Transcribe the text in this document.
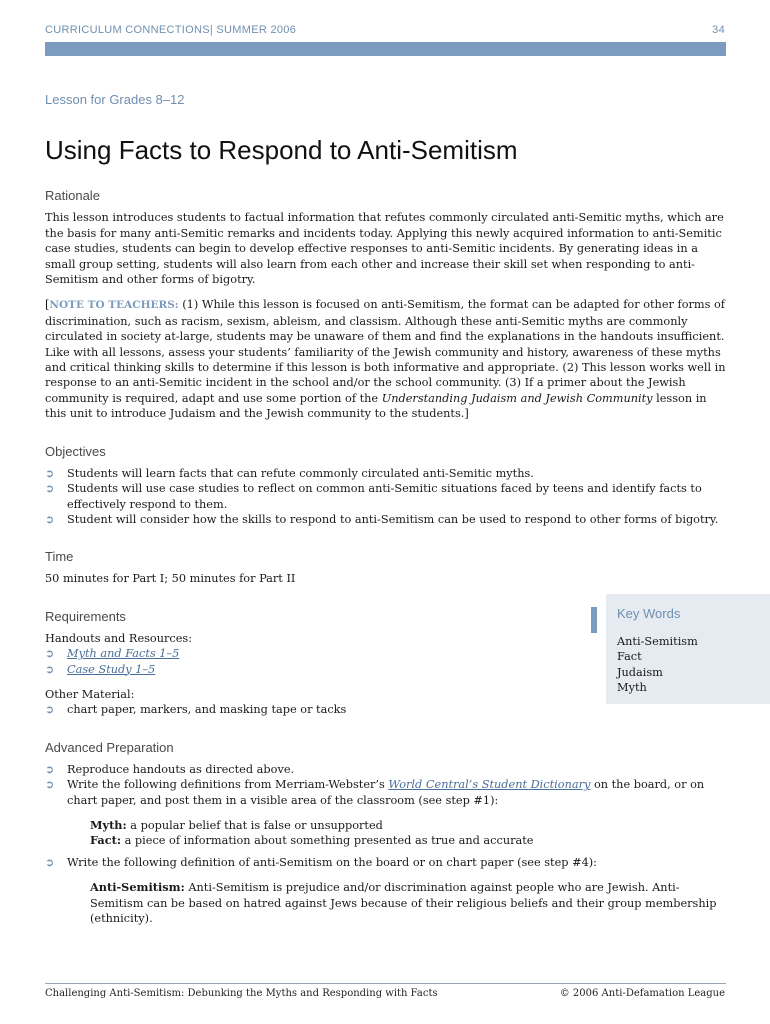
CURRICULUM CONNECTIONS| SUMMER 2006	34

Lesson for Grades 8–12

Using Facts to Respond to Anti-Semitism
Rationale

This lesson introduces students to factual information that refutes commonly circulated anti-Semitic myths, which are the basis for many anti-Semitic remarks and incidents today. Applying this newly acquired information to anti-Semitic case studies, students can begin to develop effective responses to anti-Semitic incidents. By generating ideas in a small group setting, students will also learn from each other and increase their skill set when responding to anti-Semitism and other forms of bigotry.

[NOTE TO TEACHERS: (1) While this lesson is focused on anti-Semitism, the format can be adapted for other forms of discrimination, such as racism, sexism, ableism, and classism. Although these anti-Semitic myths are commonly circulated in society at-large, students may be unaware of them and find the explanations in the handouts insufficient. Like with all lessons, assess your students’ familiarity of the Jewish community and history, awareness of these myths and critical thinking skills to determine if this lesson is both informative and appropriate. (2) This lesson works well in response to an anti-Semitic incident in the school and/or the school community. (3) If a primer about the Jewish community is required, adapt and use some portion of the Understanding Judaism and Jewish Community lesson in this unit to introduce Judaism and the Jewish community to the students.]

Objectives
➲ Students will learn facts that can refute commonly circulated anti-Semitic myths.
➲ Students will use case studies to reflect on common anti-Semitic situations faced by teens and identify facts to effectively respond to them.
➲ Student will consider how the skills to respond to anti-Semitism can be used to respond to other forms of bigotry.
Time

50 minutes for Part I; 50 minutes for Part II

Requirements

Handouts and Resources:

➲ Myth and Facts 1–5
➲ Case Study 1–5

Other Material:

➲ chart paper, markers, and masking tape or tacks
Advanced Preparation
➲ Reproduce handouts as directed above.
➲ Write the following definitions from Merriam-Webster’s World Central’s Student Dictionary on the board, or on chart paper, and post them in a visible area of the classroom (see step #1):

Myth: a popular belief that is false or unsupported

Fact: a piece of information about something presented as true and accurate

➲ Write the following definition of anti-Semitism on the board or on chart paper (see step #4):

Anti-Semitism: Anti-Semitism is prejudice and/or discrimination against people who are Jewish. Anti-Semitism can be based on hatred against Jews because of their religious beliefs and their group membership (ethnicity).

Key Words
Anti-Semitism
Fact
Judaism
Myth
Challenging Anti-Semitism: Debunking the Myths and Responding with Facts	© 2006 Anti-Defamation League
